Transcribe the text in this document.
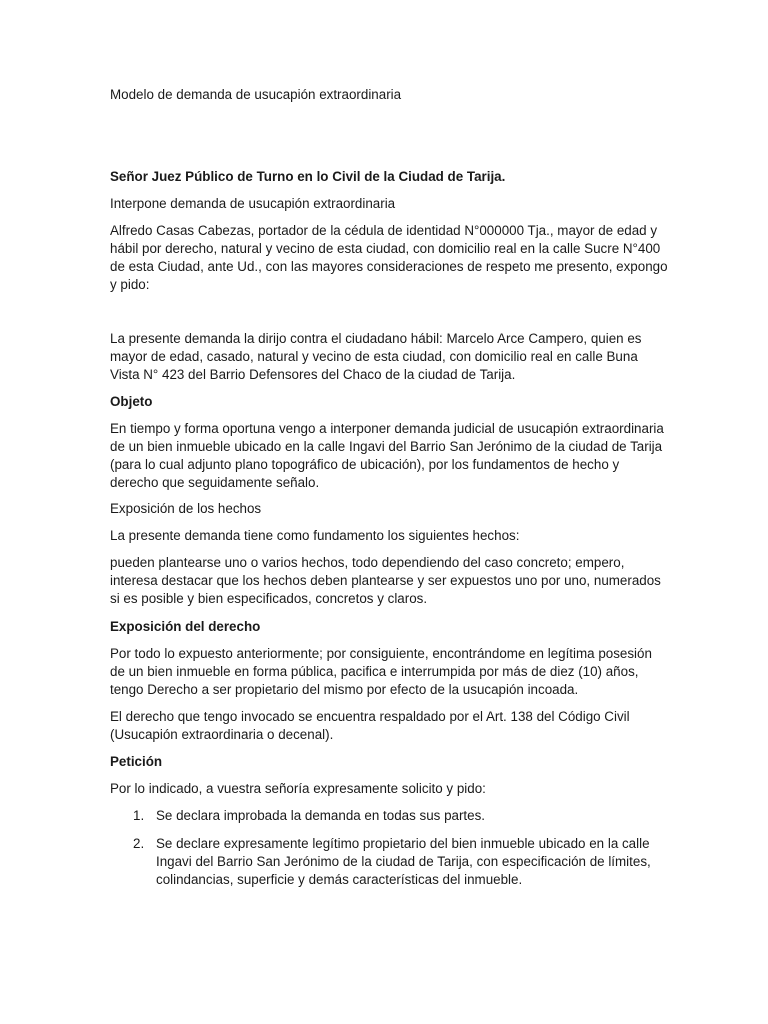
Modelo de demanda de usucapión extraordinaria

Señor Juez Público de Turno en lo Civil de la Ciudad de Tarija.

Interpone demanda de usucapión extraordinaria

Alfredo Casas Cabezas, portador de la cédula de identidad N°000000 Tja., mayor de edad y hábil por derecho, natural y vecino de esta ciudad, con domicilio real en la calle Sucre N°400 de esta Ciudad, ante Ud., con las mayores consideraciones de respeto me presento, expongo y pido:

La presente demanda la dirijo contra el ciudadano hábil: Marcelo Arce Campero, quien es mayor de edad, casado, natural y vecino de esta ciudad, con domicilio real en calle Buna Vista N° 423 del Barrio Defensores del Chaco de la ciudad de Tarija.

Objeto

En tiempo y forma oportuna vengo a interponer demanda judicial de usucapión extraordinaria de un bien inmueble ubicado en la calle Ingavi del Barrio San Jerónimo de la ciudad de Tarija (para lo cual adjunto plano topográfico de ubicación), por los fundamentos de hecho y derecho que seguidamente señalo.

Exposición de los hechos

La presente demanda tiene como fundamento los siguientes hechos:

pueden plantearse uno o varios hechos, todo dependiendo del caso concreto; empero, interesa destacar que los hechos deben plantearse y ser expuestos uno por uno, numerados si es posible y bien especificados, concretos y claros.

Exposición del derecho

Por todo lo expuesto anteriormente; por consiguiente, encontrándome en legítima posesión de un bien inmueble en forma pública, pacifica e interrumpida por más de diez (10) años, tengo Derecho a ser propietario del mismo por efecto de la usucapión incoada.

El derecho que tengo invocado se encuentra respaldado por el Art. 138 del Código Civil (Usucapión extraordinaria o decenal).

Petición

Por lo indicado, a vuestra señoría expresamente solicito y pido:

1. Se declara improbada la demanda en todas sus partes.
2. Se declare expresamente legítimo propietario del bien inmueble ubicado en la calle Ingavi del Barrio San Jerónimo de la ciudad de Tarija, con especificación de límites, colindancias, superficie y demás características del inmueble.
